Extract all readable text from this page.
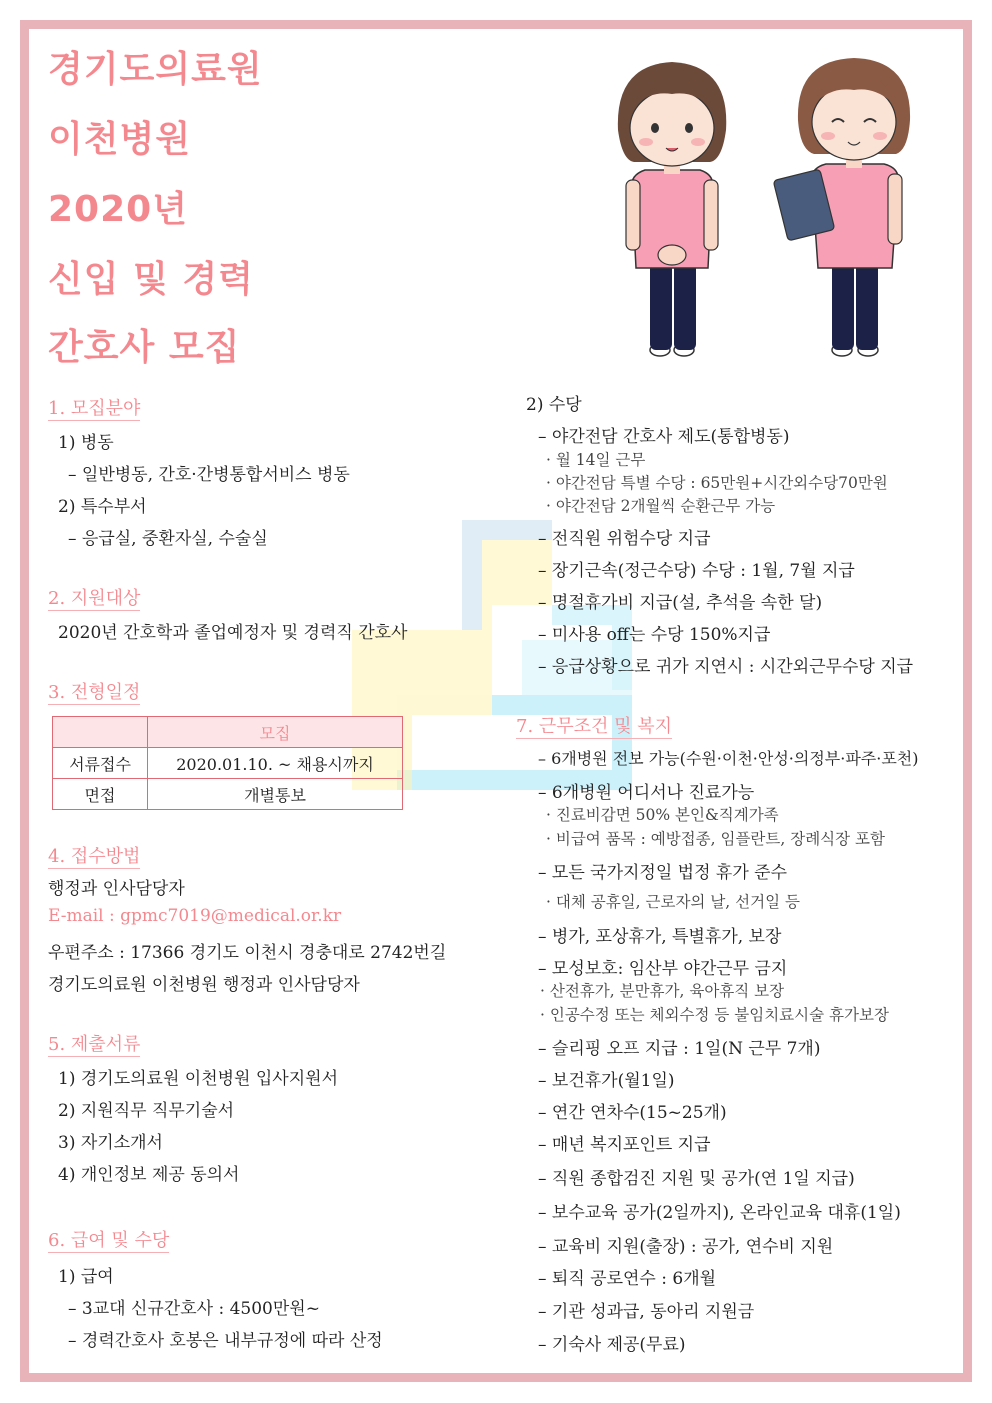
경기도의료원
이천병원
2020년
신입 및 경력
간호사 모집
1. 모집분야
1) 병동
– 일반병동, 간호·간병통합서비스 병동
2) 특수부서
– 응급실, 중환자실, 수술실
2. 지원대상
2020년 간호학과 졸업예정자 및 경력직 간호사
3. 전형일정
	모집
서류접수	2020.01.10. ~ 채용시까지
면접	개별통보
4. 접수방법
행정과 인사담당자
E-mail : gpmc7019@medical.or.kr
우편주소 : 17366 경기도 이천시 경충대로 2742번길
경기도의료원 이천병원 행정과 인사담당자
5. 제출서류
1) 경기도의료원 이천병원 입사지원서
2) 지원직무 직무기술서
3) 자기소개서
4) 개인정보 제공 동의서
6. 급여 및 수당
1) 급여
– 3교대 신규간호사 : 4500만원~
– 경력간호사 호봉은 내부규정에 따라 산정
2) 수당
– 야간전담 간호사 제도(통합병동)
· 월 14일 근무
· 야간전담 특별 수당 : 65만원+시간외수당70만원
· 야간전담 2개월씩 순환근무 가능
– 전직원 위험수당 지급
– 장기근속(정근수당) 수당 : 1월, 7월 지급
– 명절휴가비 지급(설, 추석을 속한 달)
– 미사용 off는 수당 150%지급
– 응급상황으로 귀가 지연시 : 시간외근무수당 지급
7. 근무조건 및 복지
– 6개병원 전보 가능(수원·이천·안성·의정부·파주·포천)
– 6개병원 어디서나 진료가능
· 진료비감면 50% 본인&직계가족
· 비급여 품목 : 예방접종, 임플란트, 장례식장 포함
– 모든 국가지정일 법정 휴가 준수
· 대체 공휴일, 근로자의 날, 선거일 등
– 병가, 포상휴가, 특별휴가, 보장
– 모성보호: 임산부 야간근무 금지
· 산전휴가, 분만휴가, 육아휴직 보장
· 인공수정 또는 체외수정 등 불임치료시술 휴가보장
– 슬리핑 오프 지급 : 1일(N 근무 7개)
– 보건휴가(월1일)
– 연간 연차수(15~25개)
– 매년 복지포인트 지급
– 직원 종합검진 지원 및 공가(연 1일 지급)
– 보수교육 공가(2일까지), 온라인교육 대휴(1일)
– 교육비 지원(출장) : 공가, 연수비 지원
– 퇴직 공로연수 : 6개월
– 기관 성과급, 동아리 지원금
– 기숙사 제공(무료)
